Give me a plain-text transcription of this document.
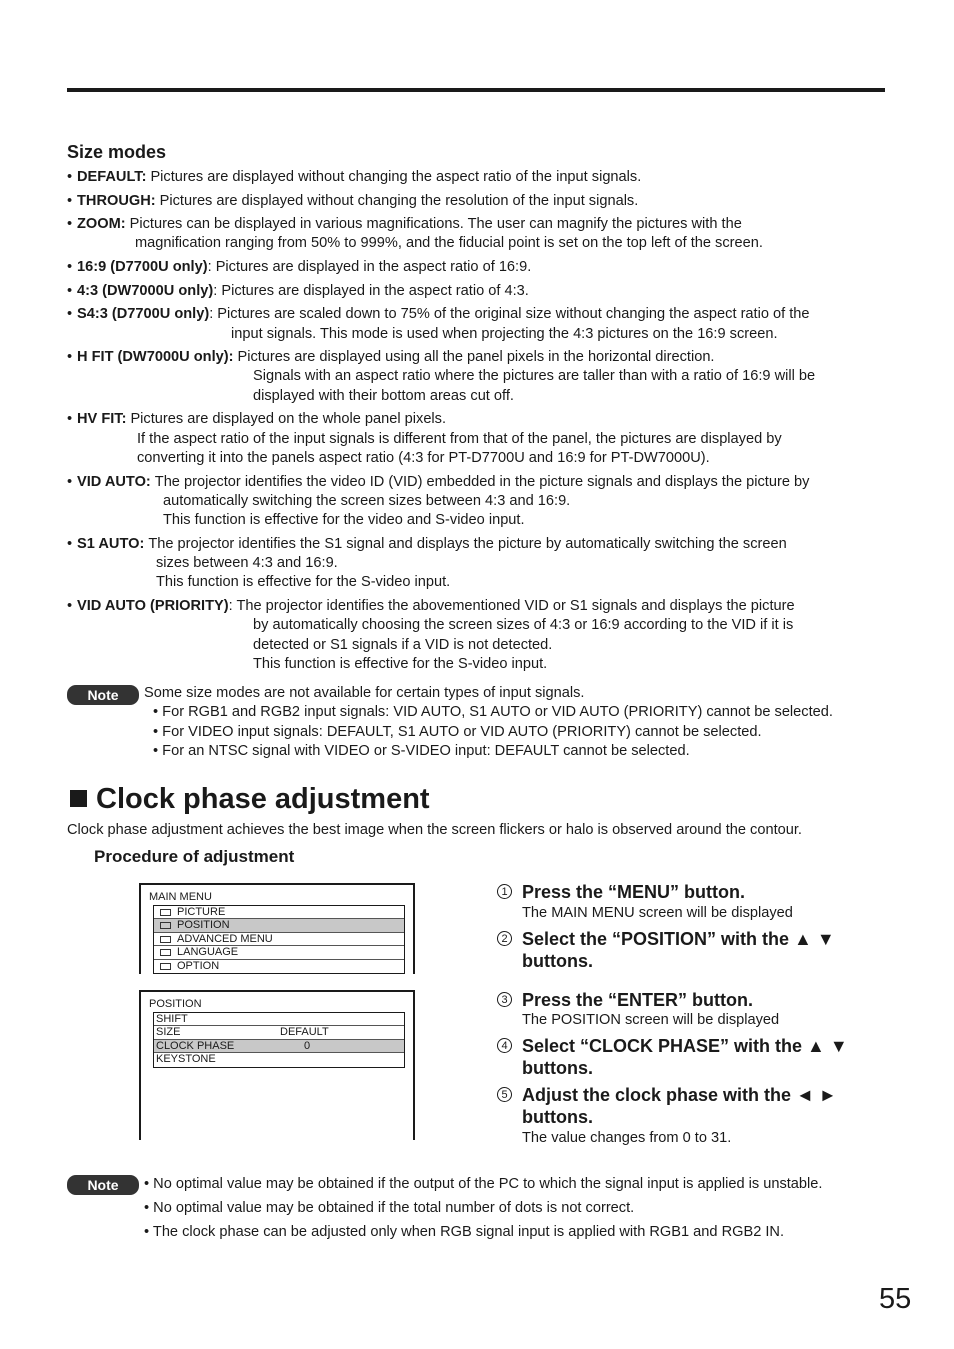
Size modes
• DEFAULT: Pictures are displayed without changing the aspect ratio of the input signals.
• THROUGH: Pictures are displayed without changing the resolution of the input signals.
• ZOOM: Pictures can be displayed in various magnifications. The user can magnify the pictures with the
magnification ranging from 50% to 999%, and the fiducial point is set on the top left of the screen.
• 16:9 (D7700U only): Pictures are displayed in the aspect ratio of 16:9.
• 4:3 (DW7000U only): Pictures are displayed in the aspect ratio of 4:3.
• S4:3 (D7700U only): Pictures are scaled down to 75% of the original size without changing the aspect ratio of the
input signals. This mode is used when projecting the 4:3 pictures on the 16:9 screen.
• H FIT (DW7000U only): Pictures are displayed using all the panel pixels in the horizontal direction.
Signals with an aspect ratio where the pictures are taller than with a ratio of 16:9 will be
displayed with their bottom areas cut off.
• HV FIT: Pictures are displayed on the whole panel pixels.
If the aspect ratio of the input signals is different from that of the panel, the pictures are displayed by
converting it into the panels aspect ratio (4:3 for PT-D7700U and 16:9 for PT-DW7000U).
• VID AUTO: The projector identifies the video ID (VID) embedded in the picture signals and displays the picture by
automatically switching the screen sizes between 4:3 and 16:9.
This function is effective for the video and S-video input.
• S1 AUTO: The projector identifies the S1 signal and displays the picture by automatically switching the screen
sizes between 4:3 and 16:9.
This function is effective for the S-video input.
• VID AUTO (PRIORITY): The projector identifies the abovementioned VID or S1 signals and displays the picture
by automatically choosing the screen sizes of 4:3 or 16:9 according to the VID if it is
detected or S1 signals if a VID is not detected.
This function is effective for the S-video input.
Note	Some size modes are not available for certain types of input signals.
• For RGB1 and RGB2 input signals: VID AUTO, S1 AUTO or VID AUTO (PRIORITY) cannot be selected.
• For VIDEO input signals: DEFAULT, S1 AUTO or VID AUTO (PRIORITY) cannot be selected.
• For an NTSC signal with VIDEO or S-VIDEO input: DEFAULT cannot be selected.
Clock phase adjustment
Clock phase adjustment achieves the best image when the screen flickers or halo is observed around the contour.
Procedure of adjustment
MAIN MENU
PICTURE
POSITION
ADVANCED MENU
LANGUAGE
OPTION
POSITION
SHIFT
SIZE	DEFAULT
CLOCK PHASE	0
KEYSTONE
1 Press the “MENU” button.
The MAIN MENU screen will be displayed
2 Select the “POSITION” with the ▲ ▼ buttons.
3 Press the “ENTER” button.
The POSITION screen will be displayed
4 Select “CLOCK PHASE” with the ▲ ▼ buttons.
5 Adjust the clock phase with the ◄ ► buttons.
The value changes from 0 to 31.
Note	• No optimal value may be obtained if the output of the PC to which the signal input is applied is unstable.
• No optimal value may be obtained if the total number of dots is not correct.
• The clock phase can be adjusted only when RGB signal input is applied with RGB1 and RGB2 IN.
55
